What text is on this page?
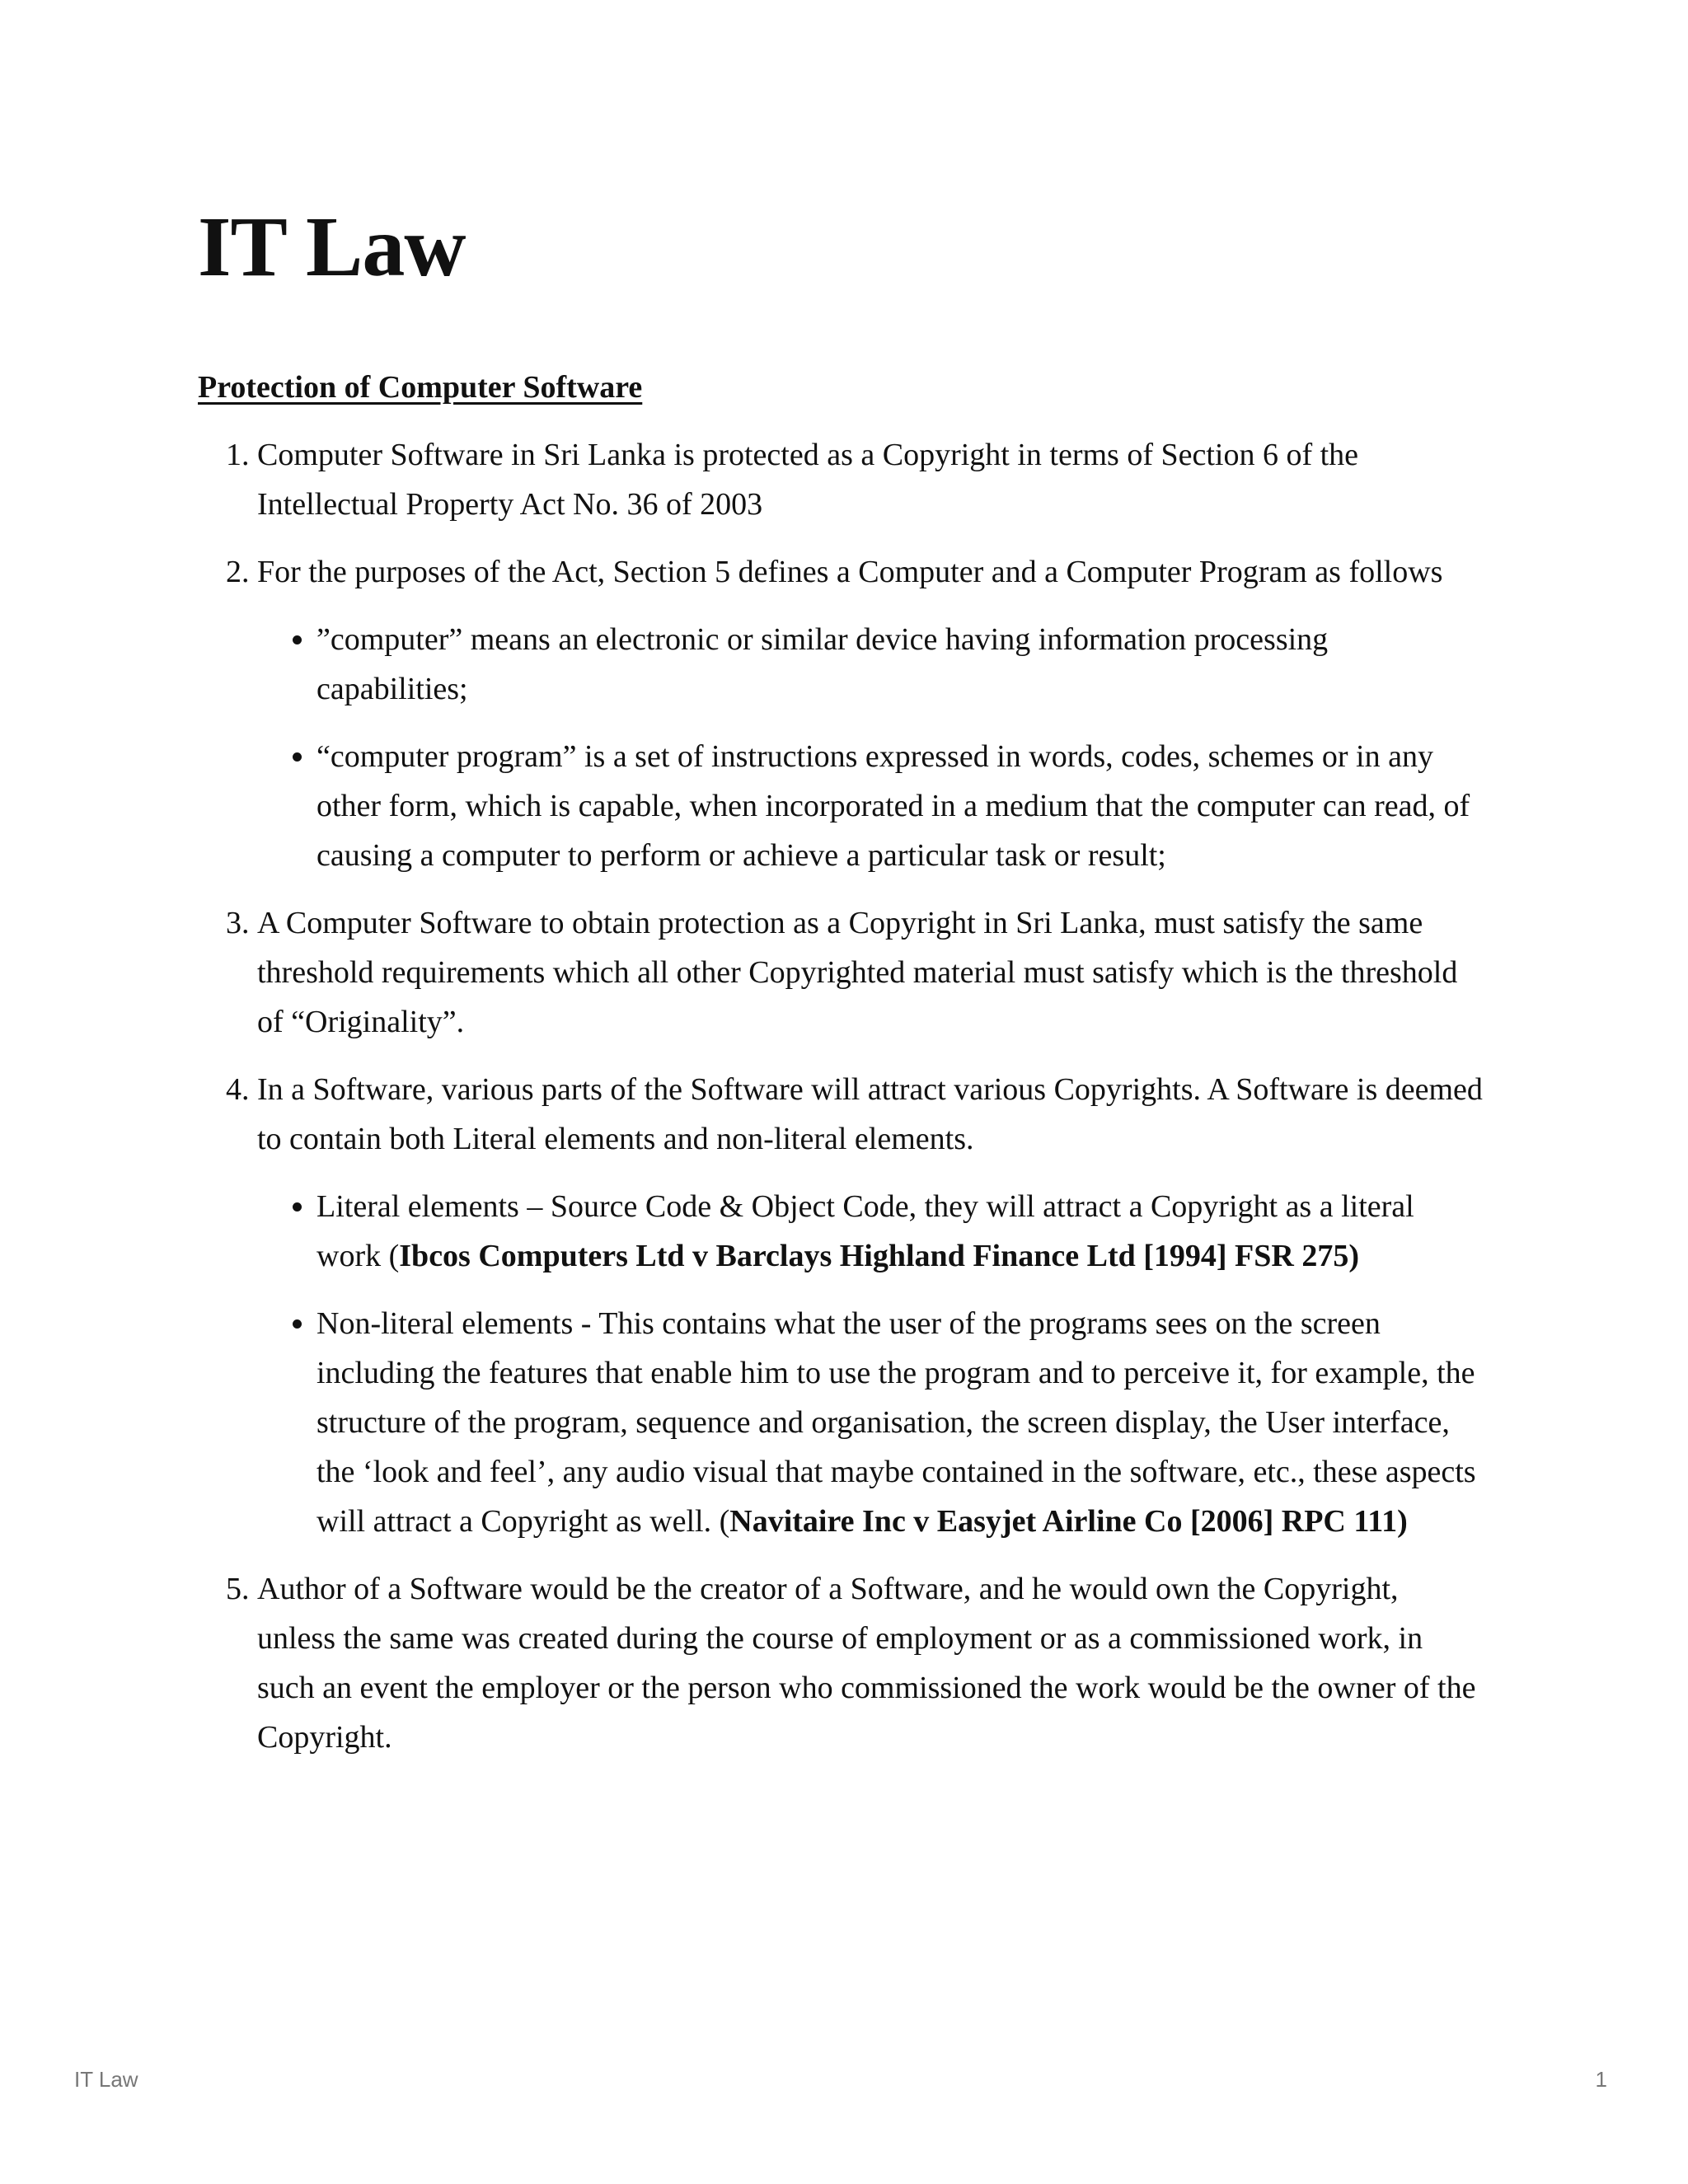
IT Law
Protection of Computer Software
1. Computer Software in Sri Lanka is protected as a Copyright in terms of Section 6 of the Intellectual Property Act No. 36 of 2003
2. For the purposes of the Act, Section 5 defines a Computer and a Computer Program as follows
• ”computer” means an electronic or similar device having information processing capabilities;
• “computer program” is a set of instructions expressed in words, codes, schemes or in any other form, which is capable, when incorporated in a medium that the computer can read, of causing a computer to perform or achieve a particular task or result;
3. A Computer Software to obtain protection as a Copyright in Sri Lanka, must satisfy the same threshold requirements which all other Copyrighted material must satisfy which is the threshold of “Originality”.
4. In a Software, various parts of the Software will attract various Copyrights. A Software is deemed to contain both Literal elements and non-literal elements.
• Literal elements – Source Code & Object Code, they will attract a Copyright as a literal work (Ibcos Computers Ltd v Barclays Highland Finance Ltd [1994] FSR 275)
• Non-literal elements - This contains what the user of the programs sees on the screen including the features that enable him to use the program and to perceive it, for example, the structure of the program, sequence and organisation, the screen display, the User interface, the ‘look and feel’, any audio visual that maybe contained in the software, etc., these aspects will attract a Copyright as well. (Navitaire Inc v Easyjet Airline Co [2006] RPC 111)
5. Author of a Software would be the creator of a Software, and he would own the Copyright, unless the same was created during the course of employment or as a commissioned work, in such an event the employer or the person who commissioned the work would be the owner of the Copyright.
IT Law	1
